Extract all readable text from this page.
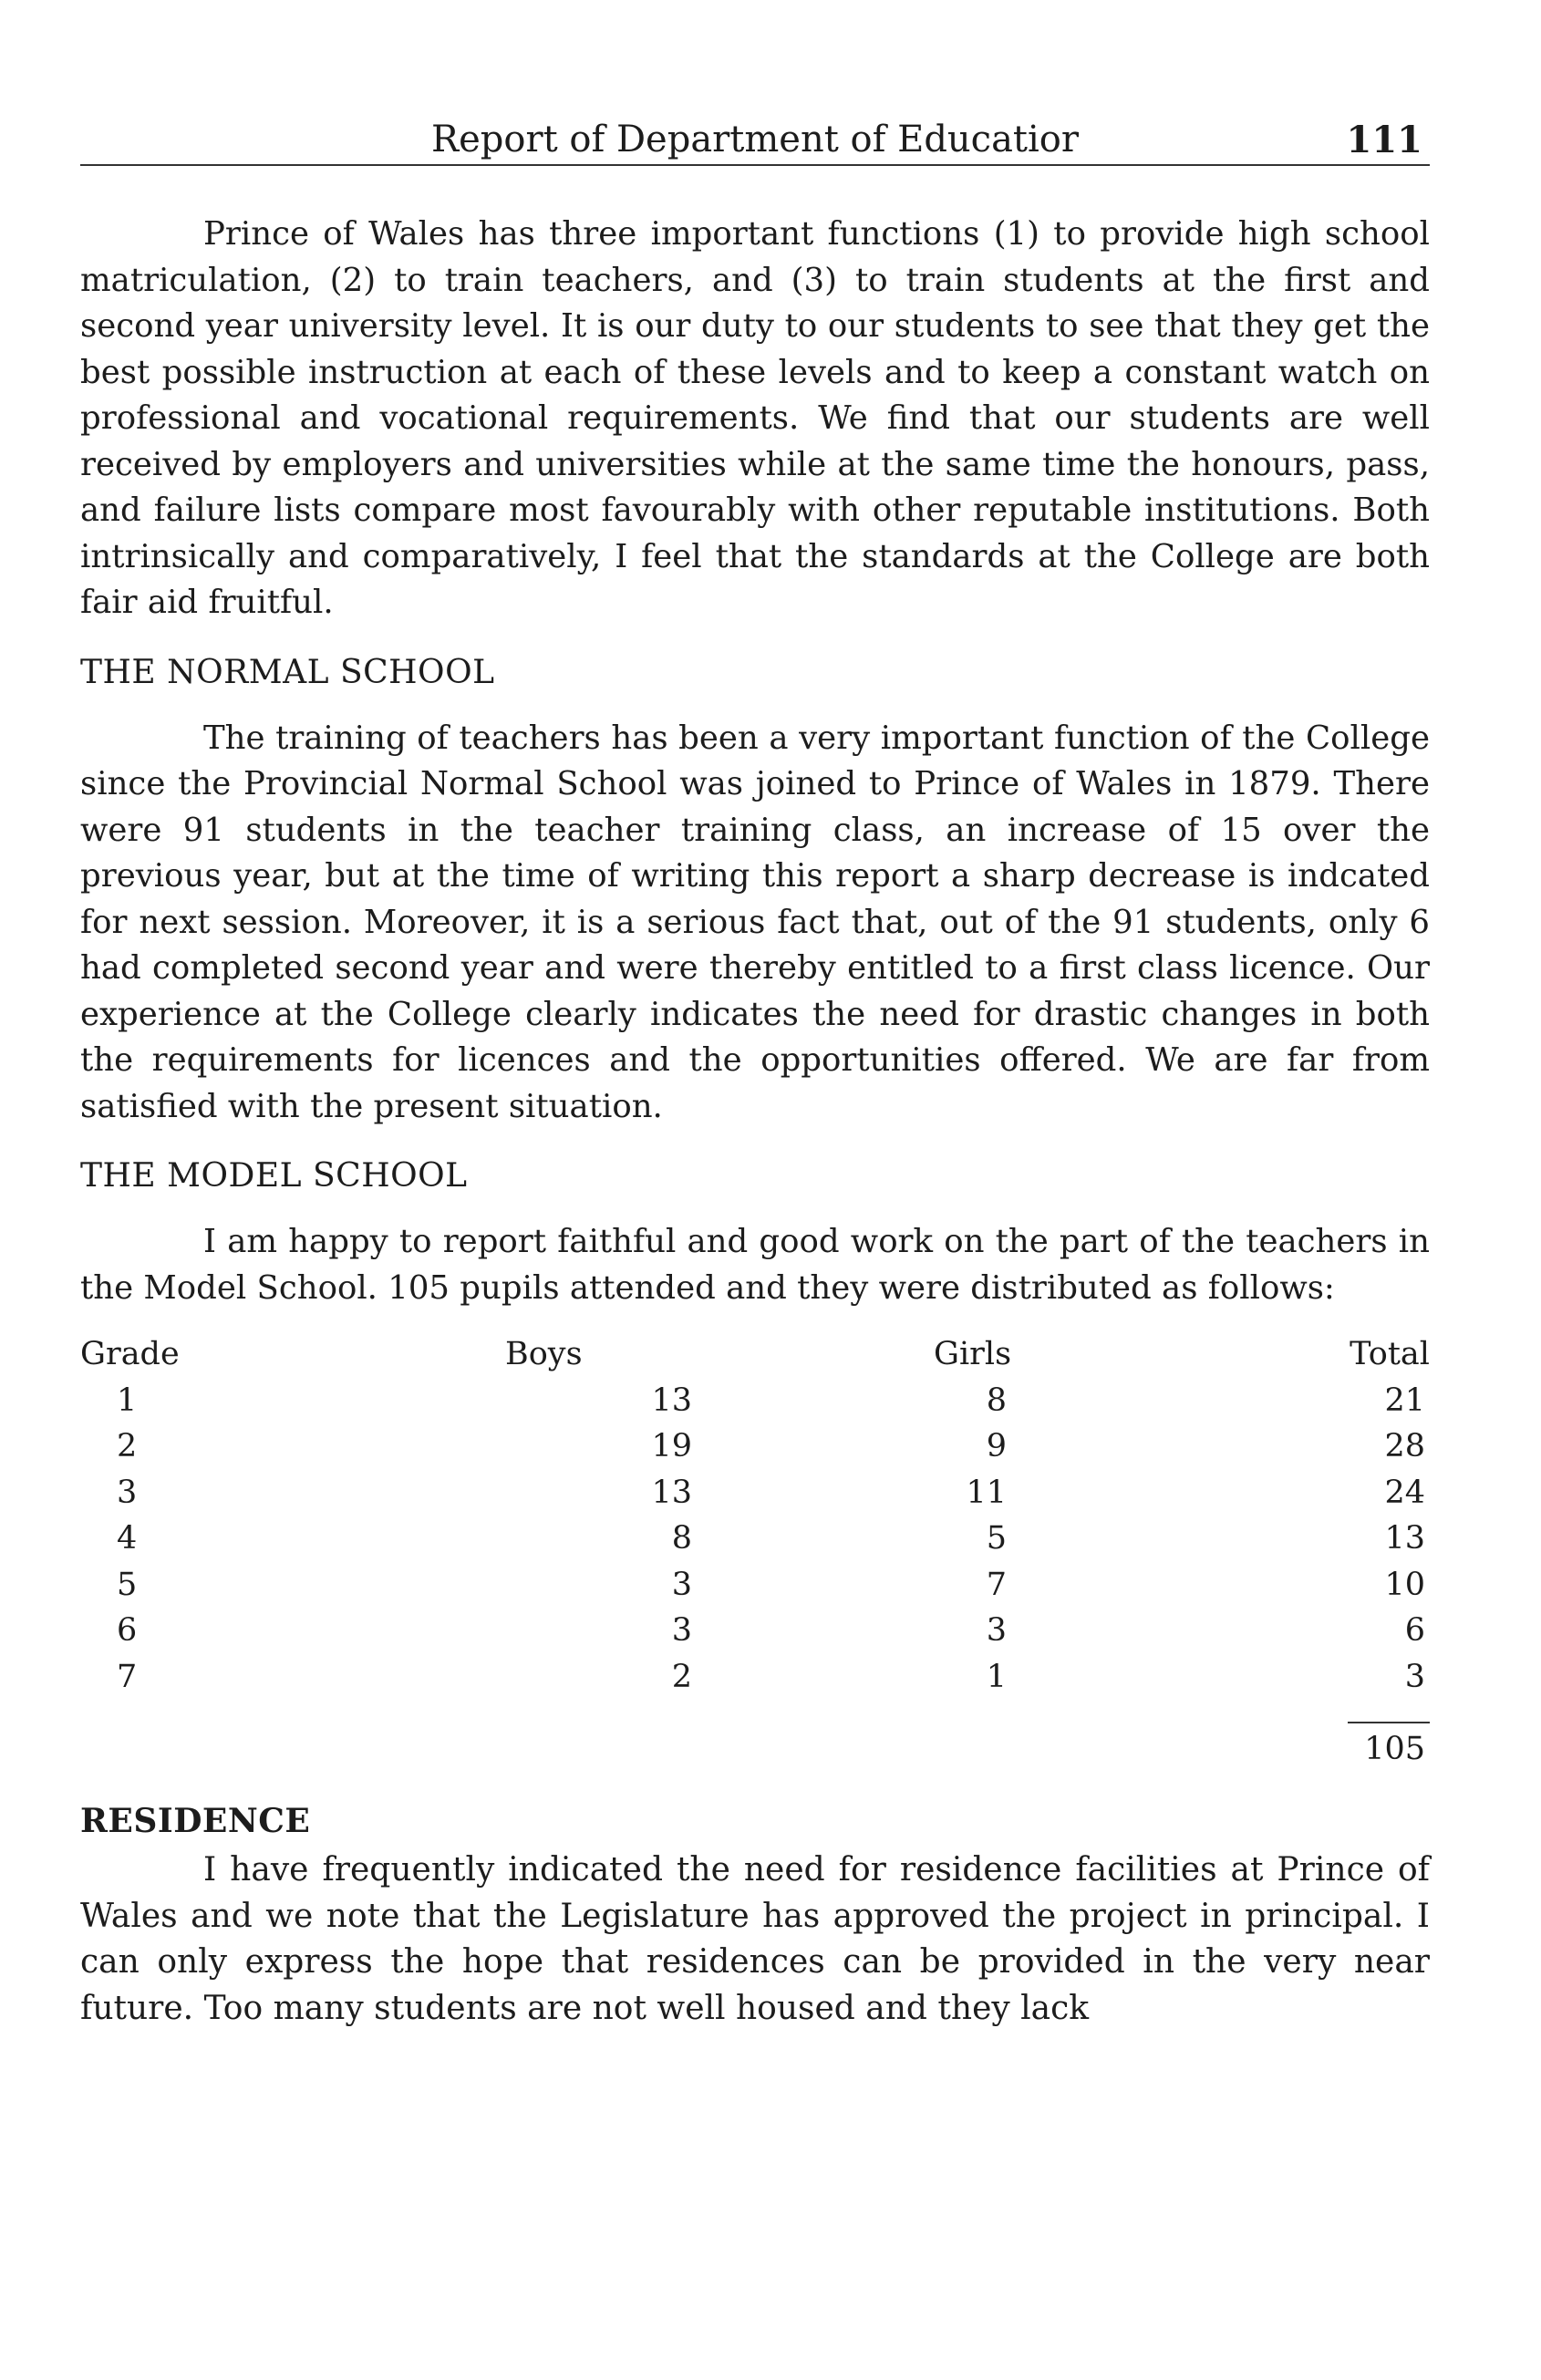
Report of Department of Educatior	111

Prince of Wales has three important functions (1) to provide high school matriculation, (2) to train teachers, and (3) to train students at the first and second year university level. It is our duty to our students to see that they get the best possible instruction at each of these levels and to keep a constant watch on professional and vocational requirements. We find that our students are well received by employers and universities while at the same time the honours, pass, and failure lists compare most favourably with other reputable institutions. Both intrinsically and comparatively, I feel that the standards at the College are both fair aid fruitful.

THE NORMAL SCHOOL

The training of teachers has been a very important function of the College since the Provincial Normal School was joined to Prince of Wales in 1879. There were 91 students in the teacher training class, an increase of 15 over the previous year, but at the time of writing this report a sharp decrease is indcated for next session. Moreover, it is a serious fact that, out of the 91 students, only 6 had completed second year and were thereby entitled to a first class licence. Our experience at the College clearly indicates the need for drastic changes in both the requirements for licences and the opportunities offered. We are far from satisfied with the present situation.

THE MODEL SCHOOL

I am happy to report faithful and good work on the part of the teachers in the Model School. 105 pupils attended and they were distributed as follows:

Grade	Boys	Girls	Total
1	13	8	21
2	19	9	28
3	13	11	24
4	8	5	13
5	3	7	10
6	3	3	6
7	2	1	3
105
RESIDENCE

I have frequently indicated the need for residence facilities at Prince of Wales and we note that the Legislature has approved the project in principal. I can only express the hope that residences can be provided in the very near future. Too many students are not well housed and they lack
